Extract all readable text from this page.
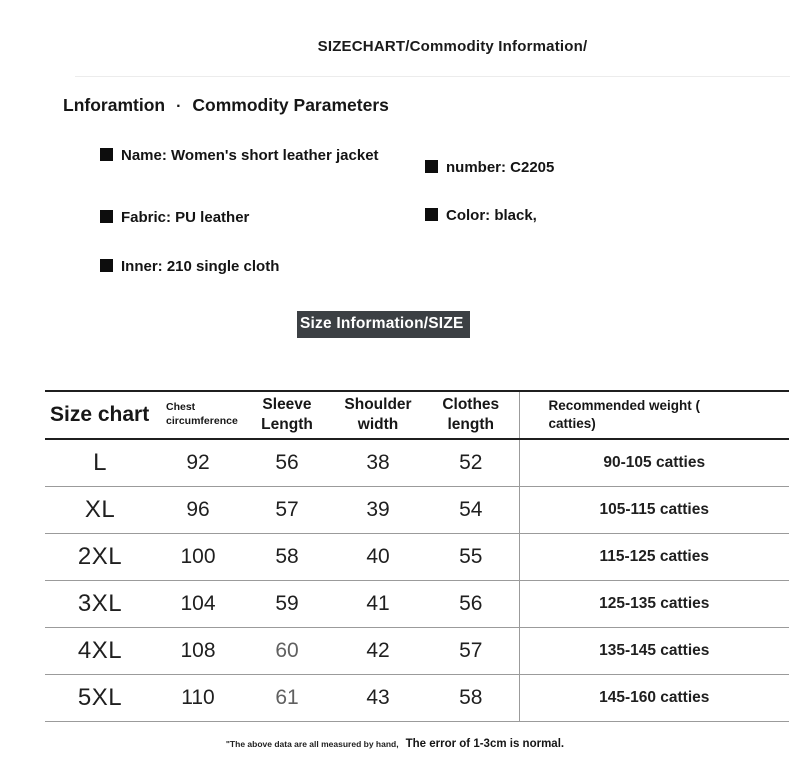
SIZECHART/Commodity Information/
Lnforamtion · Commodity Parameters
Name: Women's short leather jacket
Fabric: PU leather
Inner: 210 single cloth
number: C2205
Color: black,
Size Information/SIZE
Size chart	Chest circumference	Sleeve Length	Shoulder width	Clothes length	Recommended weight ( catties)

L	92	56	38	52	90-105 catties
XL	96	57	39	54	105-115 catties
2XL	100	58	40	55	115-125 catties
3XL	104	59	41	56	125-135 catties
4XL	108	60	42	57	135-145 catties
5XL	110	61	43	58	145-160 catties
"The above data are all measured by hand, The error of 1-3cm is normal.
